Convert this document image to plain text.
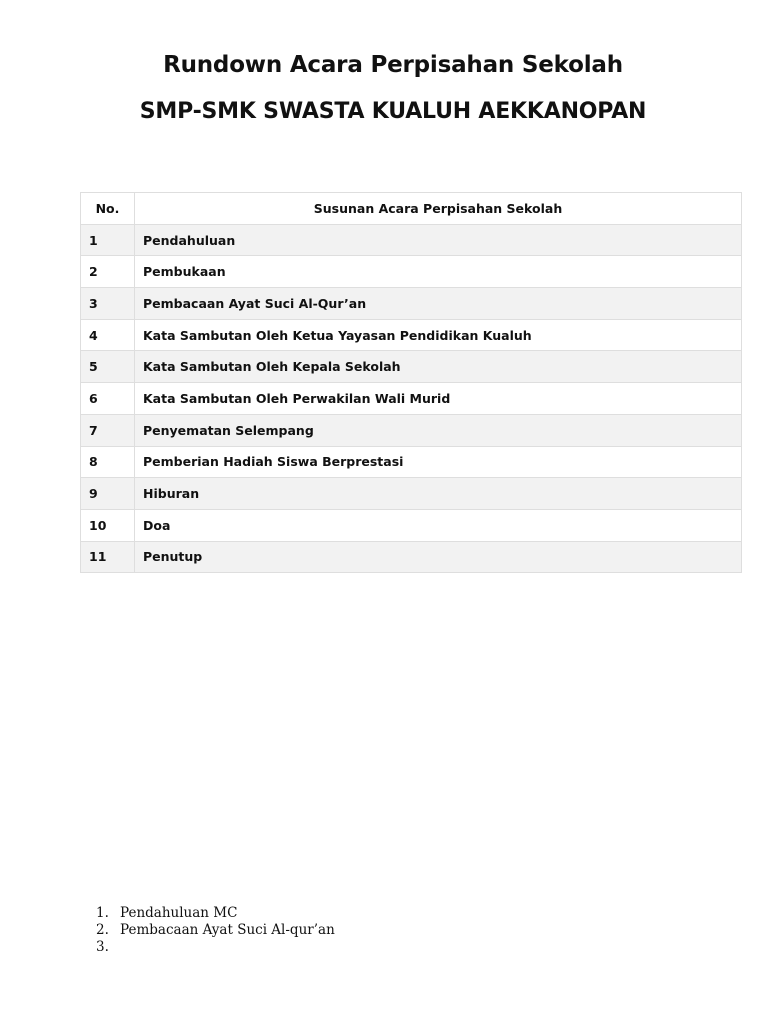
Rundown Acara Perpisahan Sekolah
SMP-SMK SWASTA KUALUH AEKKANOPAN
No.	Susunan Acara Perpisahan Sekolah
1	Pendahuluan
2	Pembukaan
3	Pembacaan Ayat Suci Al-Qur’an
4	Kata Sambutan Oleh Ketua Yayasan Pendidikan Kualuh
5	Kata Sambutan Oleh Kepala Sekolah
6	Kata Sambutan Oleh Perwakilan Wali Murid
7	Penyematan Selempang
8	Pemberian Hadiah Siswa Berprestasi
9	Hiburan
10	Doa
11	Penutup
1. Pendahuluan MC
2. Pembacaan Ayat Suci Al-qur’an
3.
